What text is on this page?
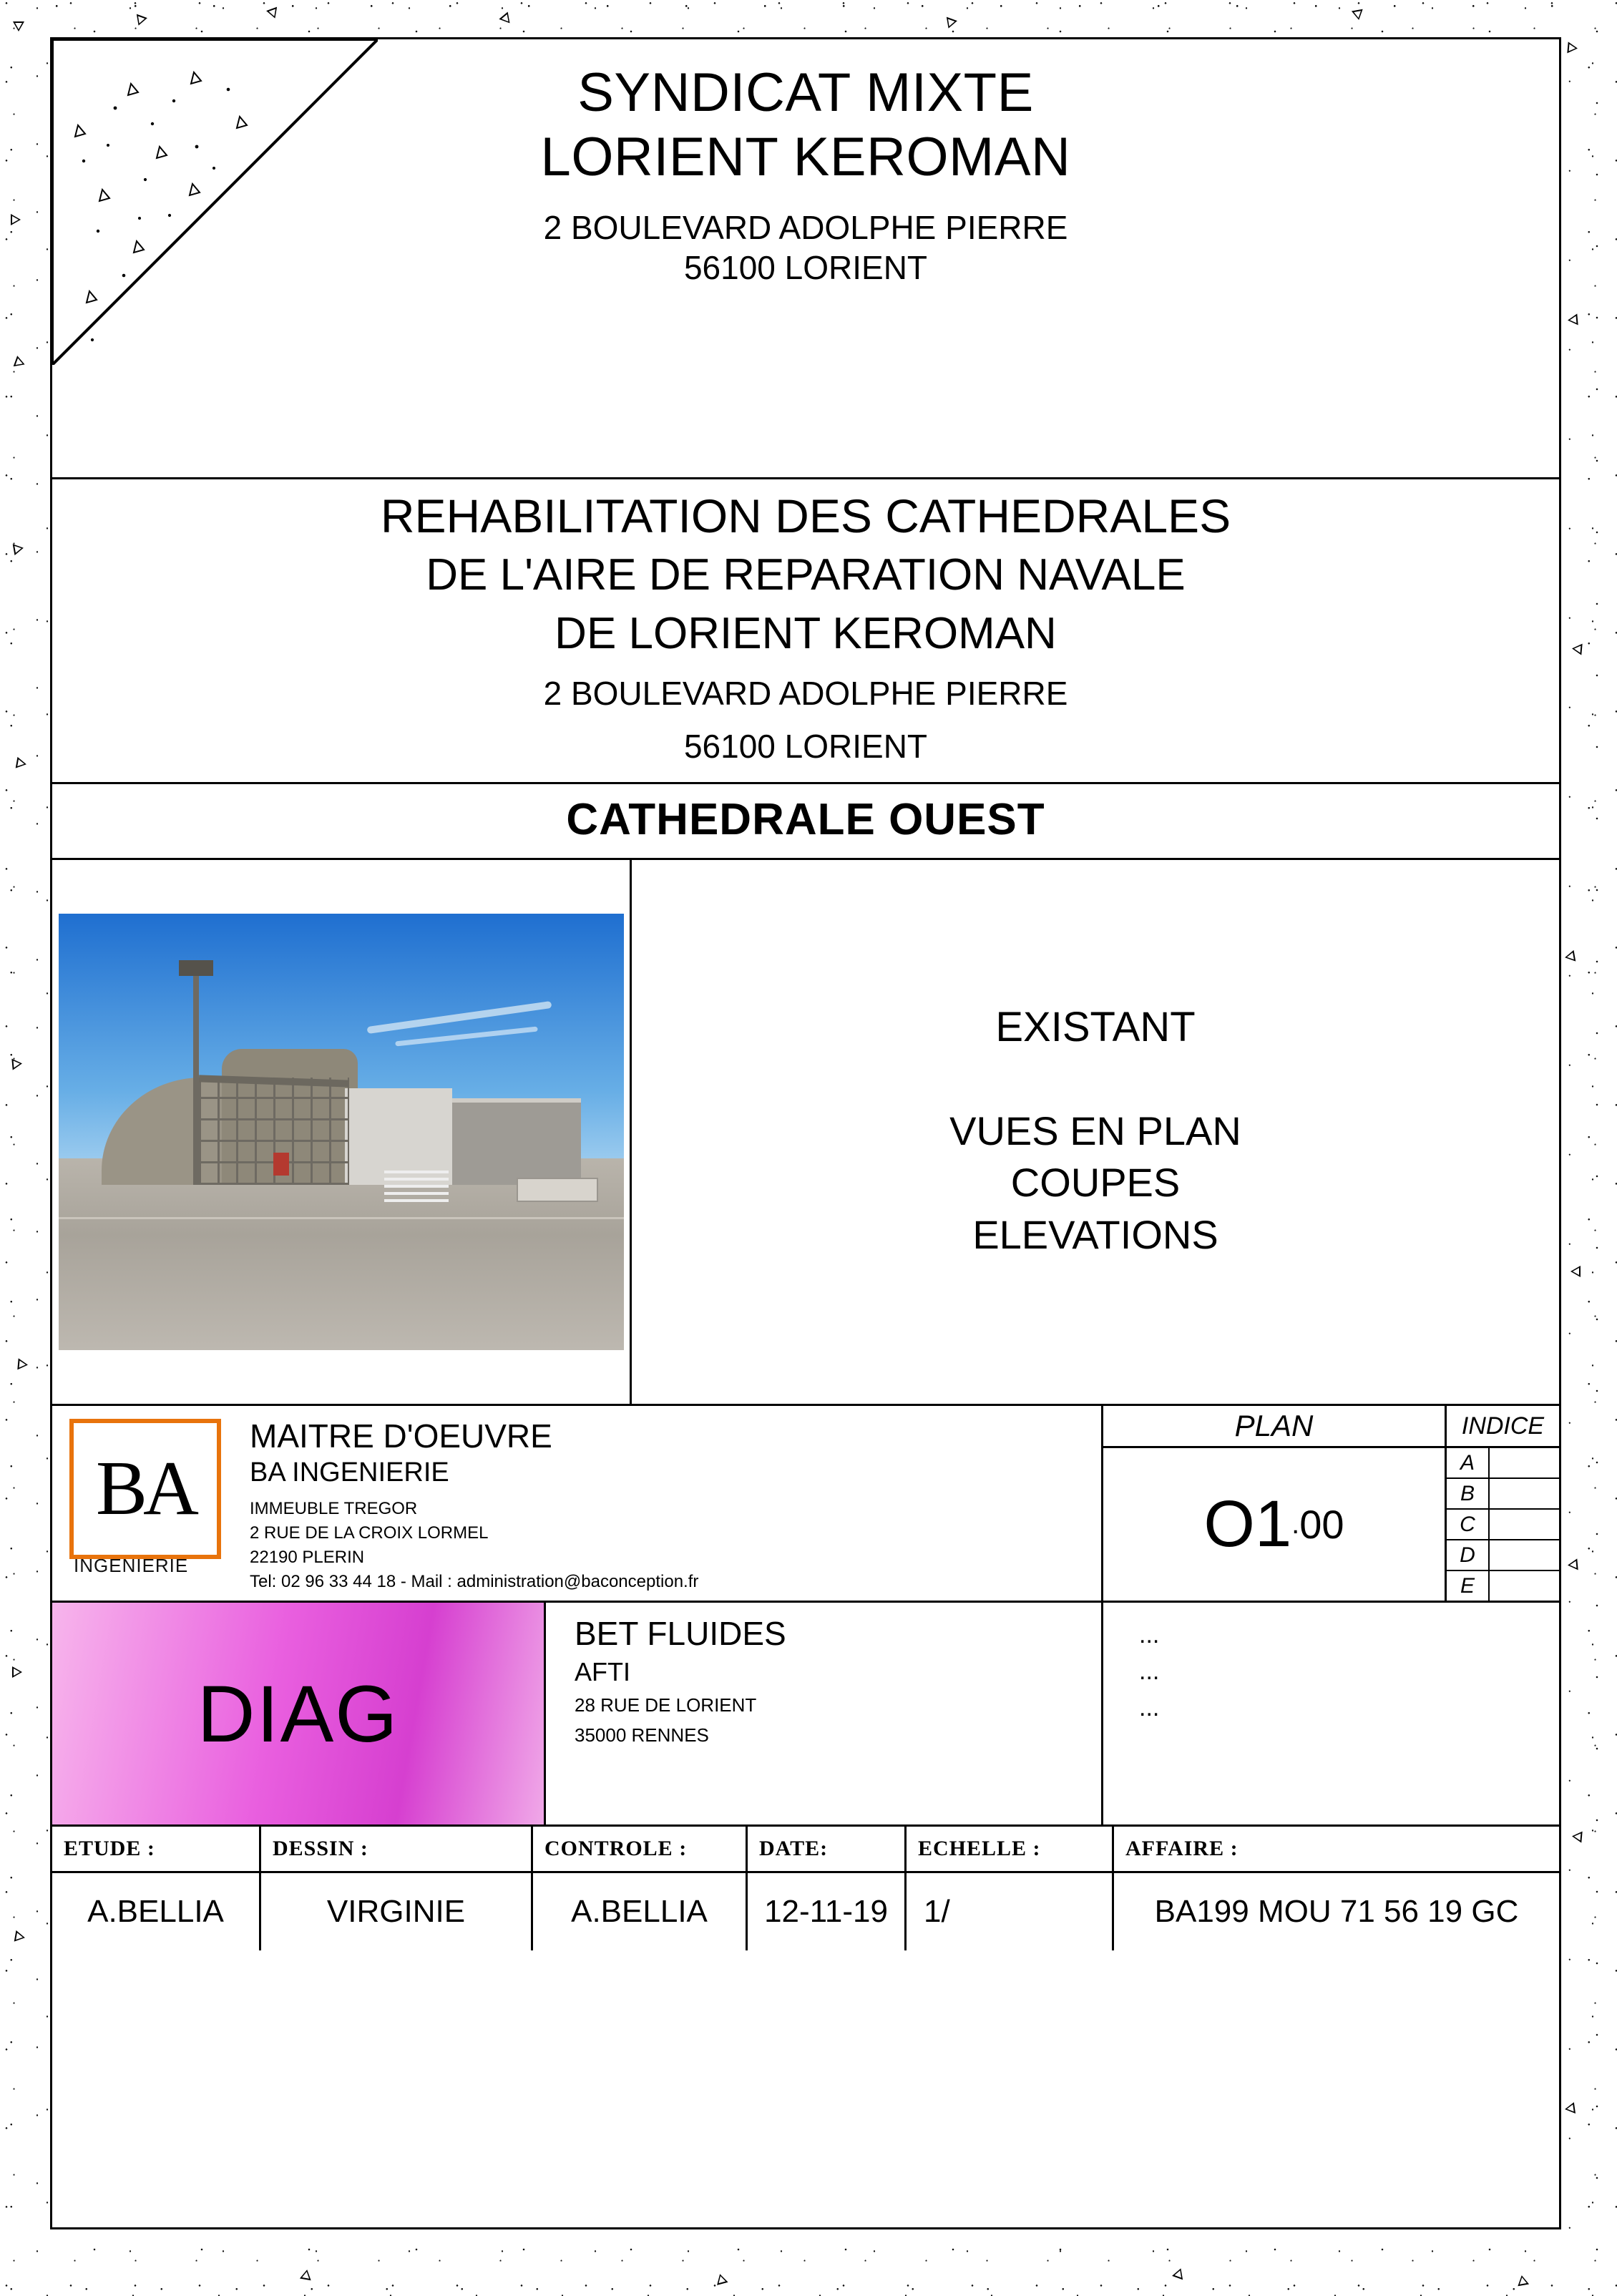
SYNDICAT MIXTE
LORIENT KEROMAN
2 BOULEVARD ADOLPHE PIERRE
56100 LORIENT
REHABILITATION DES CATHEDRALES
DE L'AIRE DE REPARATION NAVALE
DE LORIENT KEROMAN
2 BOULEVARD ADOLPHE PIERRE
56100 LORIENT
CATHEDRALE OUEST
EXISTANT
VUES EN PLAN
COUPES
ELEVATIONS
BA
INGENIERIE
MAITRE D'OEUVRE
BA INGENIERIE
IMMEUBLE TREGOR
2 RUE DE LA CROIX LORMEL
22190 PLERIN
Tel: 02 96 33 44 18 - Mail : administration@baconception.fr
PLAN
O1 . 00
INDICE
A
B
C
D
E
DIAG
BET FLUIDES
AFTI
28 RUE DE LORIENT
35000 RENNES
...
...
...
ETUDE :
A.BELLIA
DESSIN :
VIRGINIE
CONTROLE :
A.BELLIA
DATE:
12-11-19
ECHELLE :
1/
AFFAIRE :
BA199 MOU 71 56 19 GC
